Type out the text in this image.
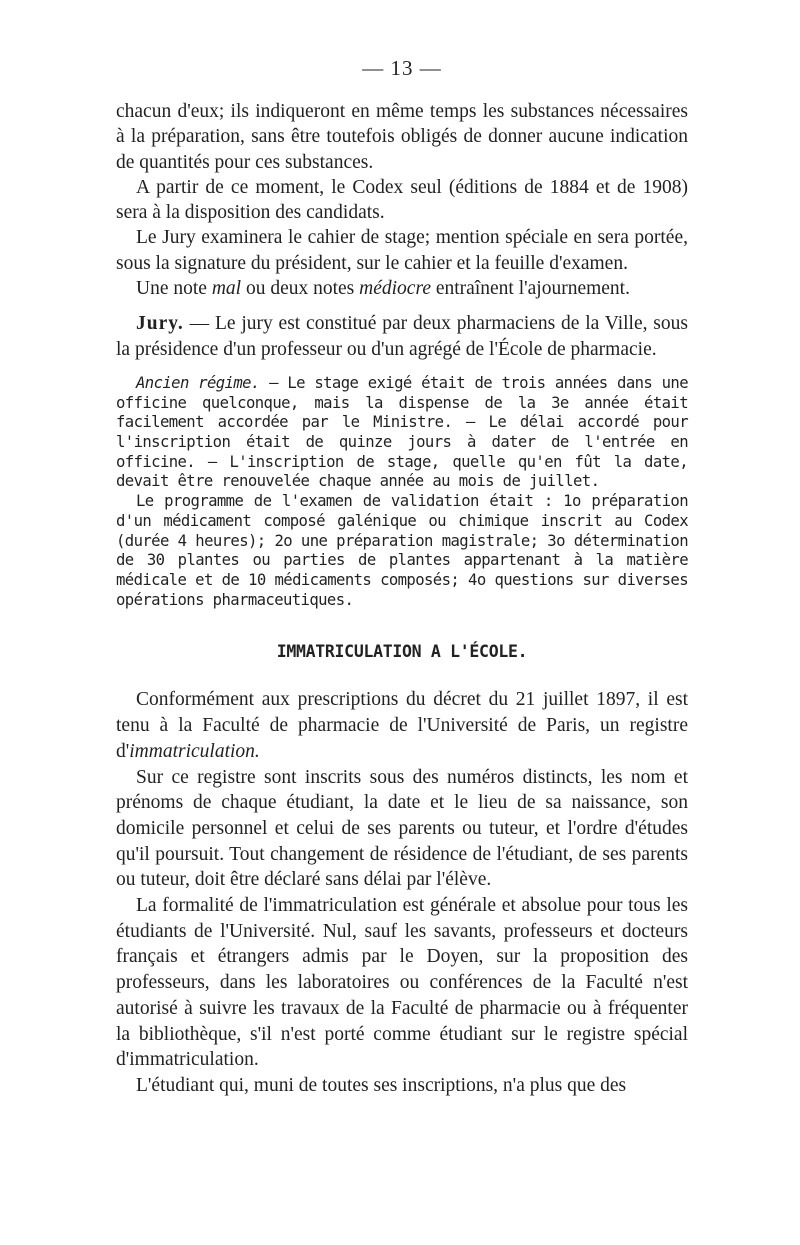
— 13 —

chacun d'eux; ils indiqueront en même temps les substances nécessaires à la préparation, sans être toutefois obligés de donner aucune indication de quantités pour ces substances.

A partir de ce moment, le Codex seul (éditions de 1884 et de 1908) sera à la disposition des candidats.

Le Jury examinera le cahier de stage; mention spéciale en sera portée, sous la signature du président, sur le cahier et la feuille d'examen.

Une note mal ou deux notes médiocre entraînent l'ajournement.

Jury. — Le jury est constitué par deux pharmaciens de la Ville, sous la présidence d'un professeur ou d'un agrégé de l'École de pharmacie.

Ancien régime. — Le stage exigé était de trois années dans une officine quelconque, mais la dispense de la 3e année était facilement accordée par le Ministre. — Le délai accordé pour l'inscription était de quinze jours à dater de l'entrée en officine. — L'inscription de stage, quelle qu'en fût la date, devait être renouvelée chaque année au mois de juillet.

Le programme de l'examen de validation était : 1o préparation d'un médicament composé galénique ou chimique inscrit au Codex (durée 4 heures); 2o une préparation magistrale; 3o détermination de 30 plantes ou parties de plantes appartenant à la matière médicale et de 10 médicaments composés; 4o questions sur diverses opérations pharmaceutiques.

IMMATRICULATION A L'ÉCOLE.

Conformément aux prescriptions du décret du 21 juillet 1897, il est tenu à la Faculté de pharmacie de l'Université de Paris, un registre d'immatriculation.

Sur ce registre sont inscrits sous des numéros distincts, les nom et prénoms de chaque étudiant, la date et le lieu de sa naissance, son domicile personnel et celui de ses parents ou tuteur, et l'ordre d'études qu'il poursuit. Tout changement de résidence de l'étudiant, de ses parents ou tuteur, doit être déclaré sans délai par l'élève.

La formalité de l'immatriculation est générale et absolue pour tous les étudiants de l'Université. Nul, sauf les savants, professeurs et docteurs français et étrangers admis par le Doyen, sur la proposition des professeurs, dans les laboratoires ou conférences de la Faculté n'est autorisé à suivre les travaux de la Faculté de pharmacie ou à fréquenter la bibliothèque, s'il n'est porté comme étudiant sur le registre spécial d'immatriculation.

L'étudiant qui, muni de toutes ses inscriptions, n'a plus que des
